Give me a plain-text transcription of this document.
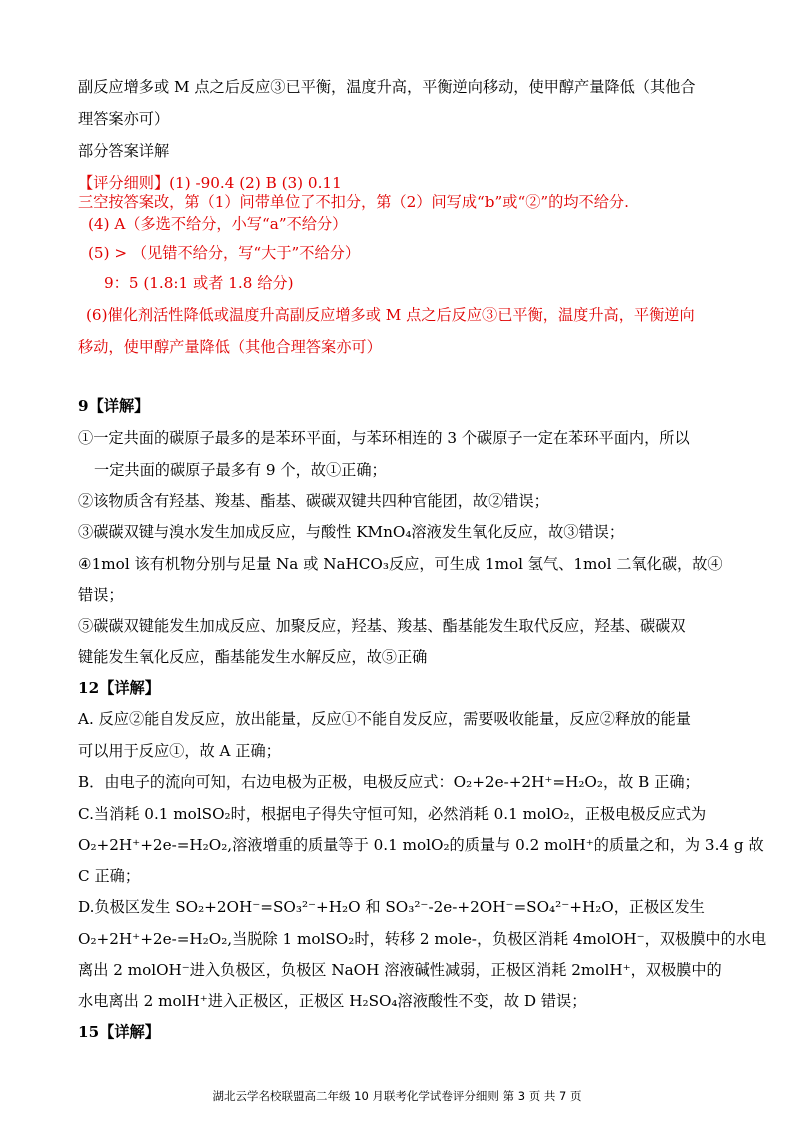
副反应增多或 M 点之后反应③已平衡，温度升高，平衡逆向移动，使甲醇产量降低（其他合
理答案亦可）
部分答案详解
【评分细则】(1) -90.4 (2) B (3) 0.11
三空按答案改，第（1）问带单位了不扣分，第（2）问写成“b”或“②”的均不给分.
(4) A（多选不给分，小写“a”不给分）
(5) > （见错不给分，写“大于”不给分）
9：5 (1.8:1 或者 1.8 给分)
(6)催化剂活性降低或温度升高副反应增多或 M 点之后反应③已平衡，温度升高，平衡逆向
移动，使甲醇产量降低（其他合理答案亦可）
9【详解】
①一定共面的碳原子最多的是苯环平面，与苯环相连的 3 个碳原子一定在苯环平面内，所以
一定共面的碳原子最多有 9 个，故①正确；
②该物质含有羟基、羧基、酯基、碳碳双键共四种官能团，故②错误；
③碳碳双键与溴水发生加成反应，与酸性 KMnO₄溶液发生氧化反应，故③错误；
④1mol 该有机物分别与足量 Na 或 NaHCO₃反应，可生成 1mol 氢气、1mol 二氧化碳，故④
错误；
⑤碳碳双键能发生加成反应、加聚反应，羟基、羧基、酯基能发生取代反应，羟基、碳碳双
键能发生氧化反应，酯基能发生水解反应，故⑤正确
12【详解】
A. 反应②能自发反应，放出能量，反应①不能自发反应，需要吸收能量，反应②释放的能量
可以用于反应①，故 A 正确；
B．由电子的流向可知，右边电极为正极，电极反应式：O₂+2e-+2H⁺=H₂O₂，故 B 正确；
C.当消耗 0.1 molSO₂时，根据电子得失守恒可知，必然消耗 0.1 molO₂，正极电极反应式为
O₂+2H⁺+2e-=H₂O₂,溶液增重的质量等于 0.1 molO₂的质量与 0.2 molH⁺的质量之和，为 3.4 g 故
C 正确；
D.负极区发生 SO₂+2OH⁻=SO₃²⁻+H₂O 和 SO₃²⁻-2e-+2OH⁻=SO₄²⁻+H₂O，正极区发生
O₂+2H⁺+2e-=H₂O₂,当脱除 1 molSO₂时，转移 2 mole-，负极区消耗 4molOH⁻，双极膜中的水电
离出 2 molOH⁻进入负极区，负极区 NaOH 溶液碱性减弱，正极区消耗 2molH⁺，双极膜中的
水电离出 2 molH⁺进入正极区，正极区 H₂SO₄溶液酸性不变，故 D 错误；
15【详解】
湖北云学名校联盟高二年级 10 月联考化学试卷评分细则 第 3 页 共 7 页
